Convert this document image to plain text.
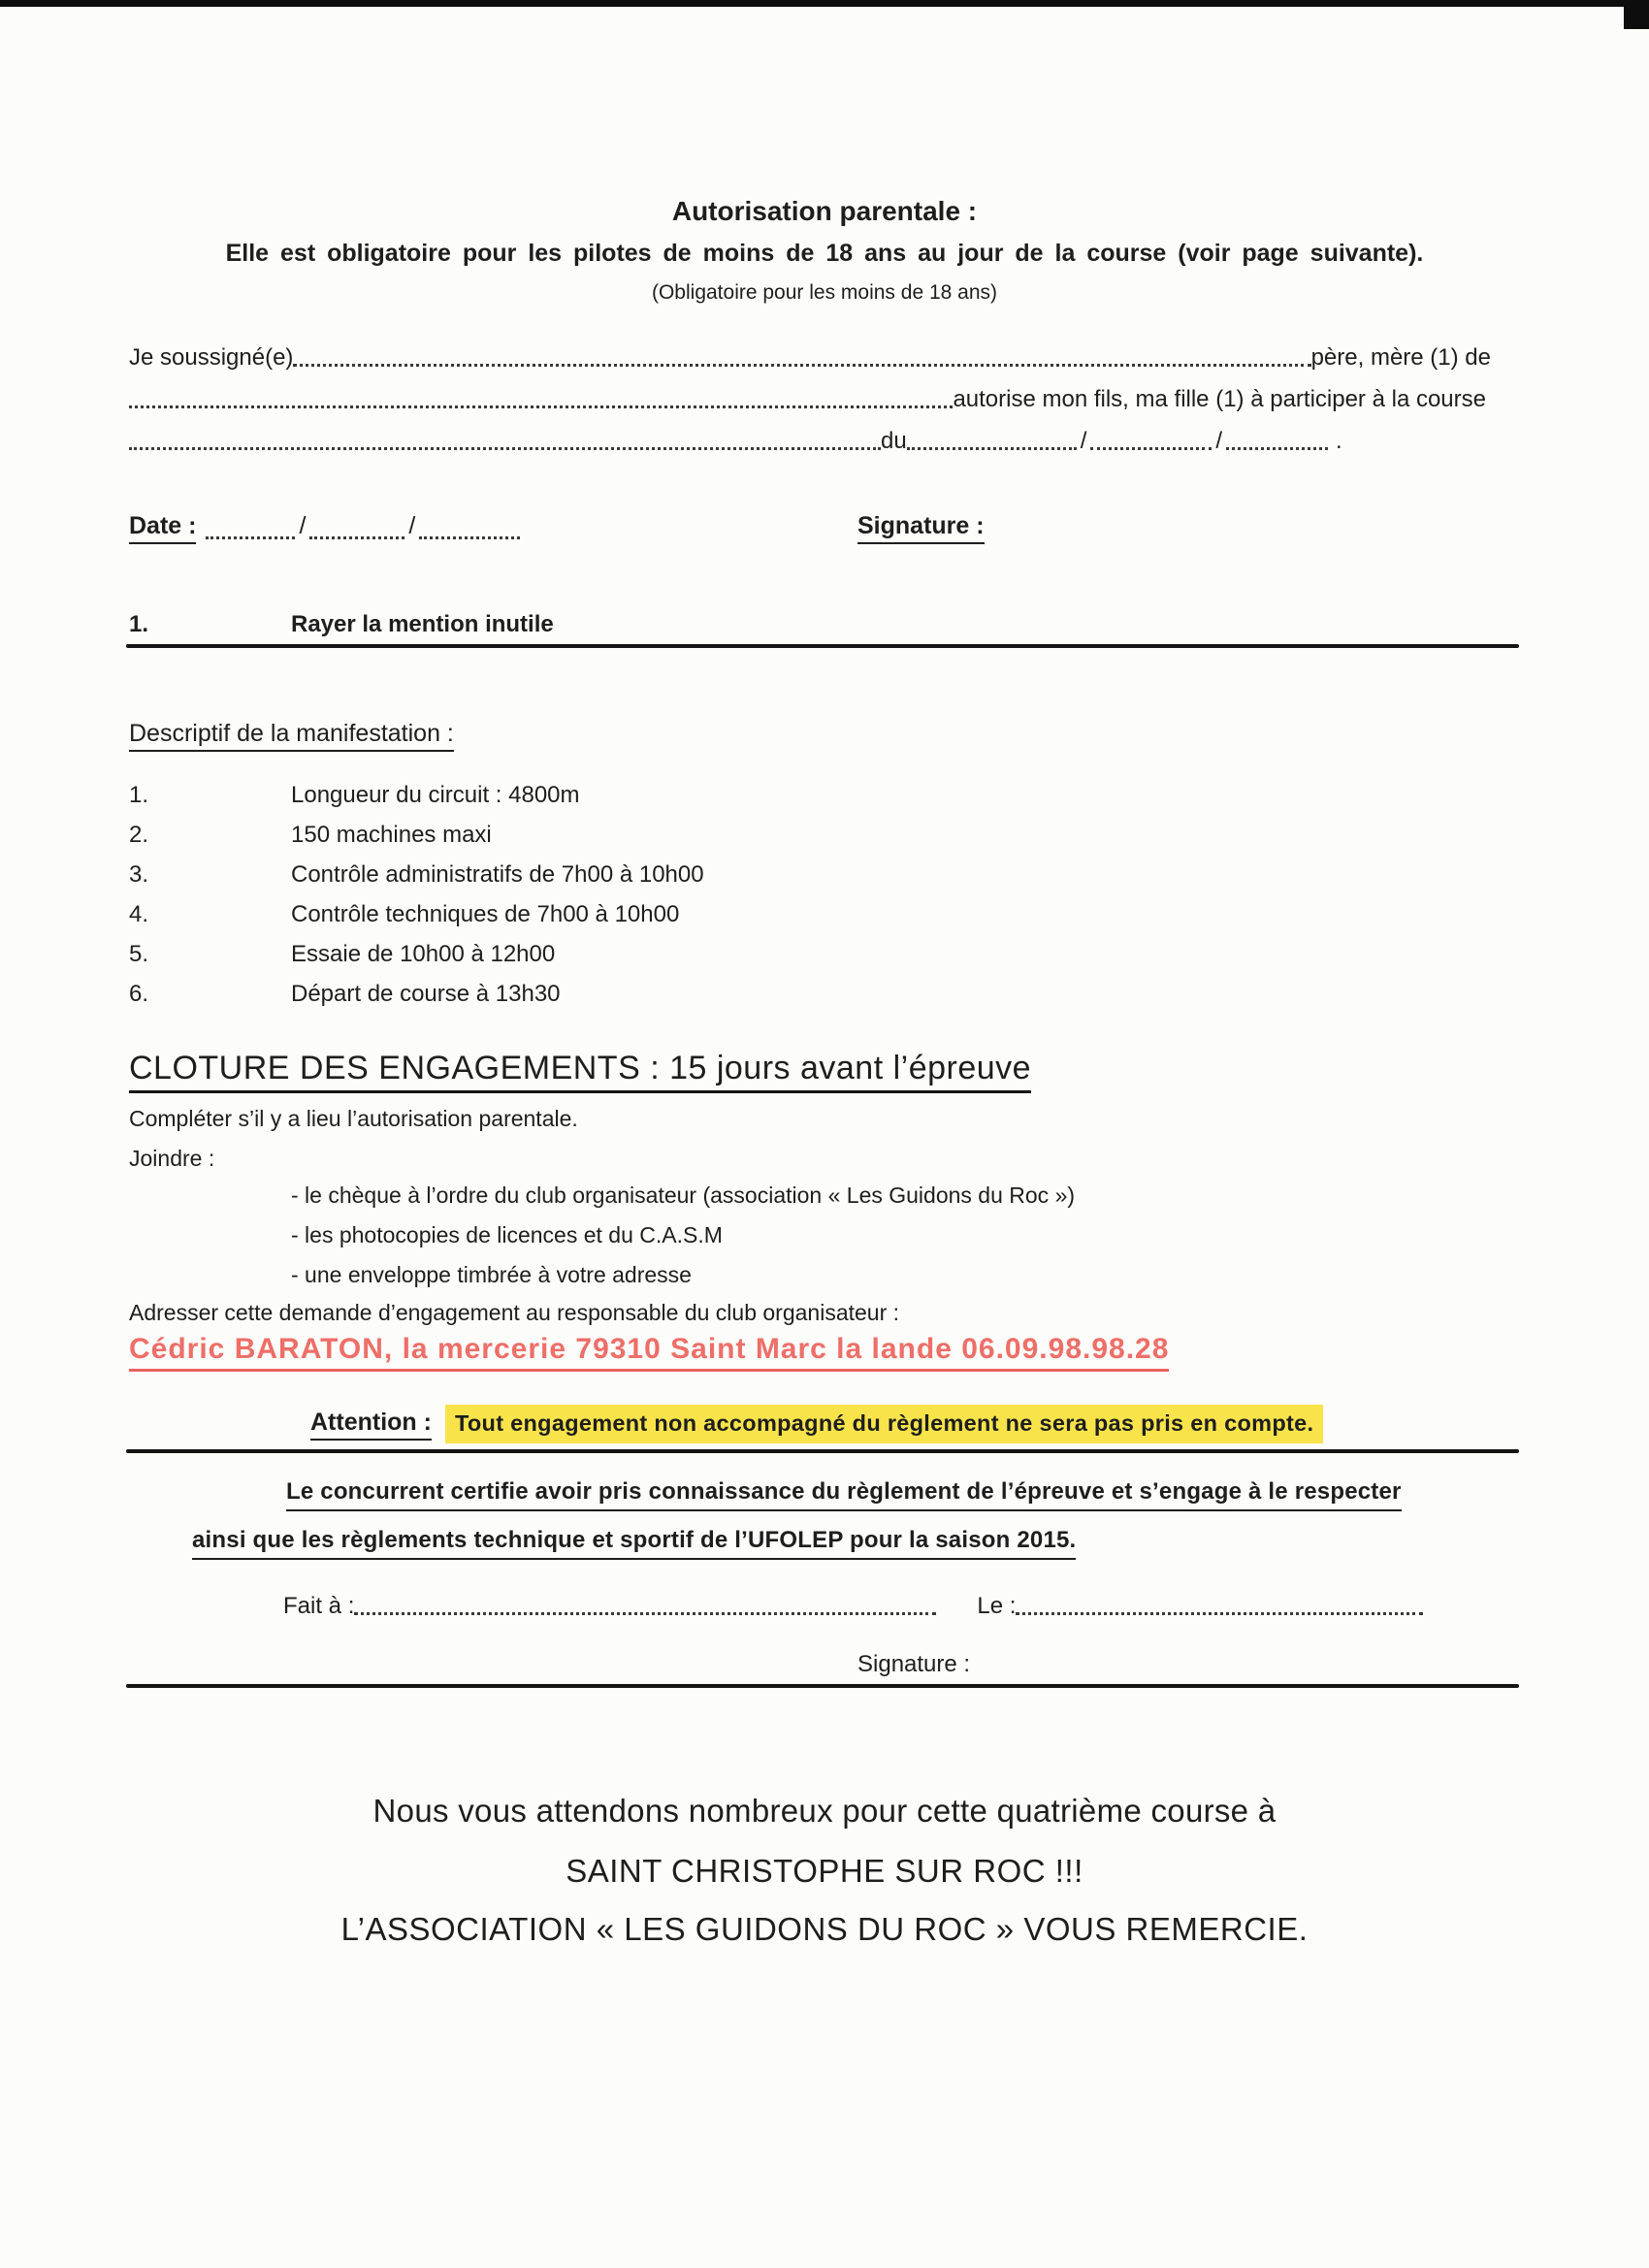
Autorisation parentale :
Elle est obligatoire pour les pilotes de moins de 18 ans au jour de la course (voir page suivante).
(Obligatoire pour les moins de 18 ans)
Je soussigné(e)	père, mère (1) de
autorise mon fils, ma fille (1) à participer à la course
du	/	/	.
Date :	/	/	Signature :
1.	Rayer la mention inutile
Descriptif de la manifestation :
1.	Longueur du circuit : 4800m
2.	150 machines maxi
3.	Contrôle administratifs de 7h00 à 10h00
4.	Contrôle techniques de 7h00 à 10h00
5.	Essaie de 10h00 à 12h00
6.	Départ de course à 13h30
CLOTURE DES ENGAGEMENTS : 15 jours avant l’épreuve
Compléter s’il y a lieu l’autorisation parentale.
Joindre :
- le chèque à l’ordre du club organisateur (association « Les Guidons du Roc »)
- les photocopies de licences et du C.A.S.M
- une enveloppe timbrée à votre adresse
Adresser cette demande d’engagement au responsable du club organisateur :
Cédric BARATON, la mercerie 79310 Saint Marc la lande 06.09.98.98.28
Attention :	Tout engagement non accompagné du règlement ne sera pas pris en compte.
Le concurrent certifie avoir pris connaissance du règlement de l’épreuve et s’engage à le respecter
ainsi que les règlements technique et sportif de l’UFOLEP pour la saison 2015.
Fait à :	Le :
Signature :
Nous vous attendons nombreux pour cette quatrième course à
SAINT CHRISTOPHE SUR ROC !!!
L’ASSOCIATION « LES GUIDONS DU ROC » VOUS REMERCIE.
